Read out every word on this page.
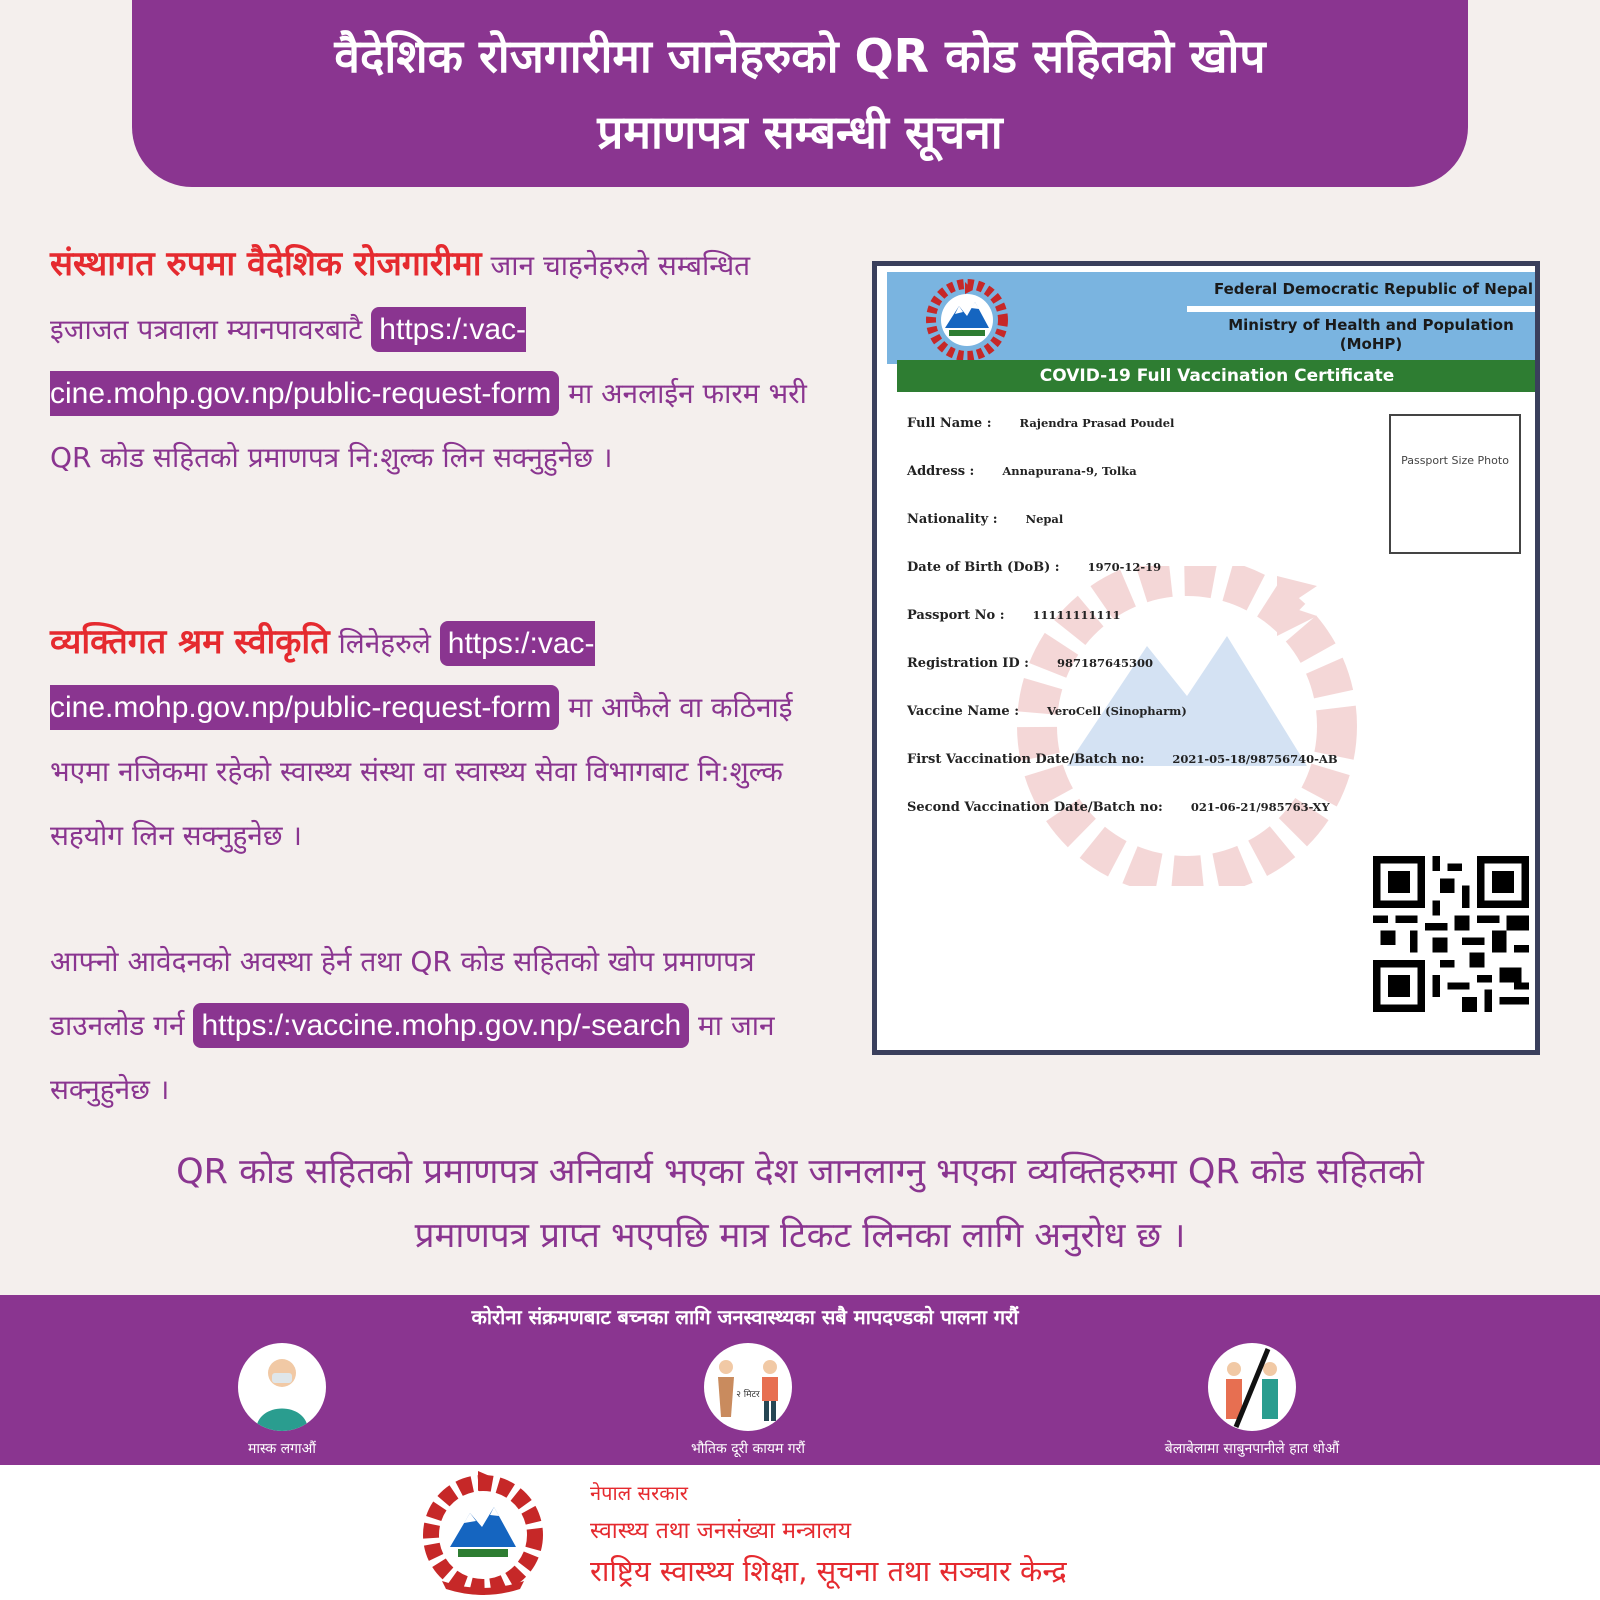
वैदेशिक रोजगारीमा जानेहरुको QR कोड सहितको खोप
प्रमाणपत्र सम्बन्धी सूचना

संस्थागत रुपमा वैदेशिक रोजगारीमा जान चाहनेहरुले सम्बन्धित इजाजत पत्रवाला म्यानपावरबाटै https:/:vac-cine.mohp.gov.np/public-request-form मा अनलाईन फारम भरी QR कोड सहितको प्रमाणपत्र नि:शुल्क लिन सक्नुहुनेछ ।

व्यक्तिगत श्रम स्वीकृति लिनेहरुले https:/:vac-cine.mohp.gov.np/public-request-form मा आफैले वा कठिनाई भएमा नजिकमा रहेको स्वास्थ्य संस्था वा स्वास्थ्य सेवा विभागबाट नि:शुल्क सहयोग लिन सक्नुहुनेछ ।

आफ्नो आवेदनको अवस्था हेर्न तथा QR कोड सहितको खोप प्रमाणपत्र डाउनलोड गर्न https:/:vaccine.mohp.gov.np/-search मा जान सक्नुहुनेछ ।

Federal Democratic Republic of Nepal
Ministry of Health and Population (MoHP)
COVID-19 Full Vaccination Certificate
Passport Size Photo
Full Name : Rajendra Prasad Poudel
Address : Annapurana-9, Tolka
Nationality : Nepal
Date of Birth (DoB) : 1970-12-19
Passport No : 11111111111
Registration ID : 987187645300
Vaccine Name : VeroCell (Sinopharm)
First Vaccination Date/Batch no: 2021-05-18/98756740-AB
Second Vaccination Date/Batch no: 021-06-21/985763-XY
QR कोड सहितको प्रमाणपत्र अनिवार्य भएका देश जानलाग्नु भएका व्यक्तिहरुमा QR कोड सहितको
प्रमाणपत्र प्राप्त भएपछि मात्र टिकट लिनका लागि अनुरोध छ ।
कोरोना संक्रमणबाट बच्नका लागि जनस्वास्थ्यका सबै मापदण्डको पालना गरौं
मास्क लगाऔं
२ मिटर
भौतिक दूरी कायम गरौं	बेलाबेलामा साबुनपानीले हात धोऔं
नेपाल सरकार
स्वास्थ्य तथा जनसंख्या मन्त्रालय
राष्ट्रिय स्वास्थ्य शिक्षा, सूचना तथा सञ्चार केन्द्र
